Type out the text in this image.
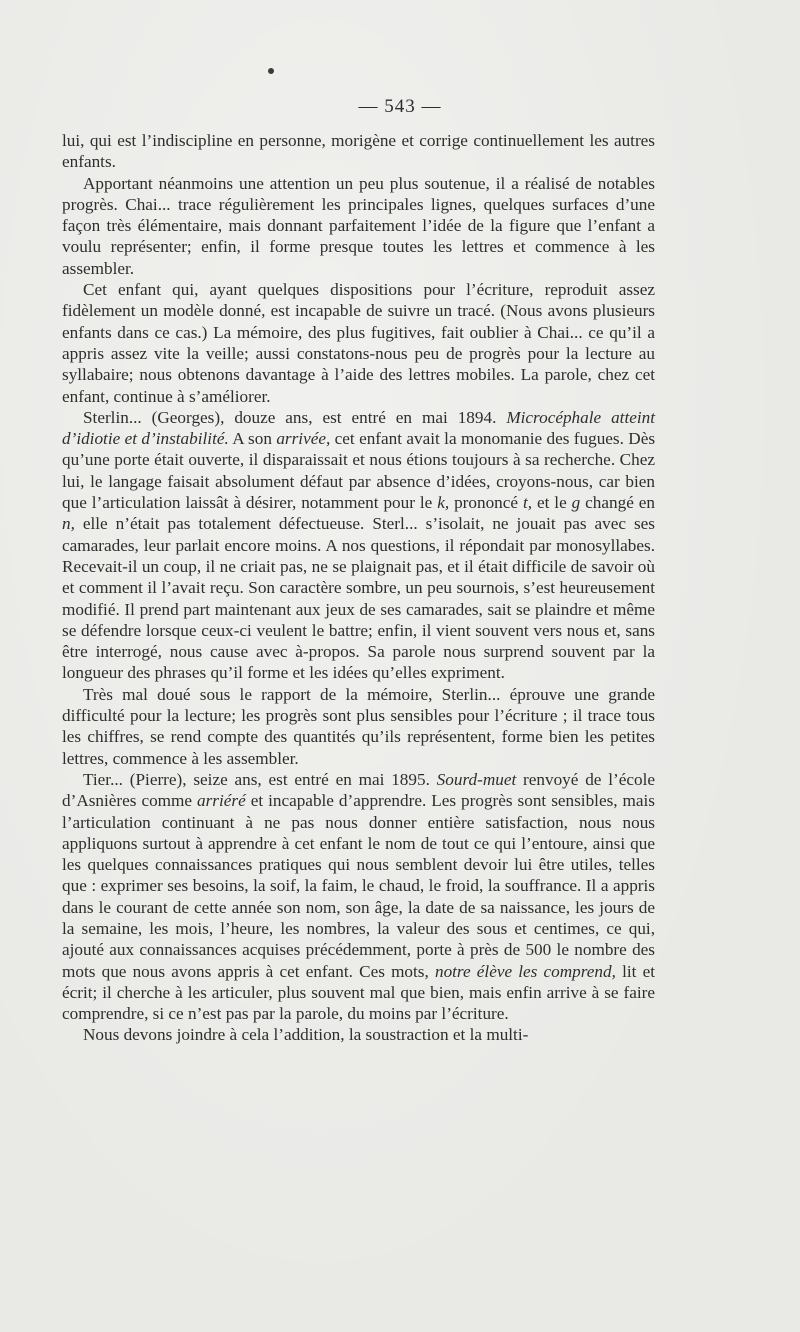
— 543 —

lui, qui est l’indiscipline en personne, morigène et corrige continuellement les autres enfants.

Apportant néanmoins une attention un peu plus soutenue, il a réalisé de notables progrès. Chai... trace régulièrement les principales lignes, quelques surfaces d’une façon très élémentaire, mais donnant parfaitement l’idée de la figure que l’enfant a voulu représenter; enfin, il forme presque toutes les lettres et commence à les assembler.

Cet enfant qui, ayant quelques dispositions pour l’écriture, reproduit assez fidèlement un modèle donné, est incapable de suivre un tracé. (Nous avons plusieurs enfants dans ce cas.) La mémoire, des plus fugitives, fait oublier à Chai... ce qu’il a appris assez vite la veille; aussi constatons-nous peu de progrès pour la lecture au syllabaire; nous obtenons davantage à l’aide des lettres mobiles. La parole, chez cet enfant, continue à s’améliorer.

Sterlin... (Georges), douze ans, est entré en mai 1894. Microcéphale atteint d’idiotie et d’instabilité. A son arrivée, cet enfant avait la monomanie des fugues. Dès qu’une porte était ouverte, il disparaissait et nous étions toujours à sa recherche. Chez lui, le langage faisait absolument défaut par absence d’idées, croyons-nous, car bien que l’articulation laissât à désirer, notamment pour le k, prononcé t, et le g changé en n, elle n’était pas totalement défectueuse. Sterl... s’isolait, ne jouait pas avec ses camarades, leur parlait encore moins. A nos questions, il répondait par monosyllabes. Recevait-il un coup, il ne criait pas, ne se plaignait pas, et il était difficile de savoir où et comment il l’avait reçu. Son caractère sombre, un peu sournois, s’est heureusement modifié. Il prend part maintenant aux jeux de ses camarades, sait se plaindre et même se défendre lorsque ceux-ci veulent le battre; enfin, il vient souvent vers nous et, sans être interrogé, nous cause avec à-propos. Sa parole nous surprend souvent par la longueur des phrases qu’il forme et les idées qu’elles expriment.

Très mal doué sous le rapport de la mémoire, Sterlin... éprouve une grande difficulté pour la lecture; les progrès sont plus sensibles pour l’écriture ; il trace tous les chiffres, se rend compte des quantités qu’ils représentent, forme bien les petites lettres, commence à les assembler.

Tier... (Pierre), seize ans, est entré en mai 1895. Sourd-muet renvoyé de l’école d’Asnières comme arriéré et incapable d’apprendre. Les progrès sont sensibles, mais l’articulation continuant à ne pas nous donner entière satisfaction, nous nous appliquons surtout à apprendre à cet enfant le nom de tout ce qui l’entoure, ainsi que les quelques connaissances pratiques qui nous semblent devoir lui être utiles, telles que : exprimer ses besoins, la soif, la faim, le chaud, le froid, la souffrance. Il a appris dans le courant de cette année son nom, son âge, la date de sa naissance, les jours de la semaine, les mois, l’heure, les nombres, la valeur des sous et centimes, ce qui, ajouté aux connaissances acquises précédemment, porte à près de 500 le nombre des mots que nous avons appris à cet enfant. Ces mots, notre élève les comprend, lit et écrit; il cherche à les articuler, plus souvent mal que bien, mais enfin arrive à se faire comprendre, si ce n’est pas par la parole, du moins par l’écriture.

Nous devons joindre à cela l’addition, la soustraction et la multi-
